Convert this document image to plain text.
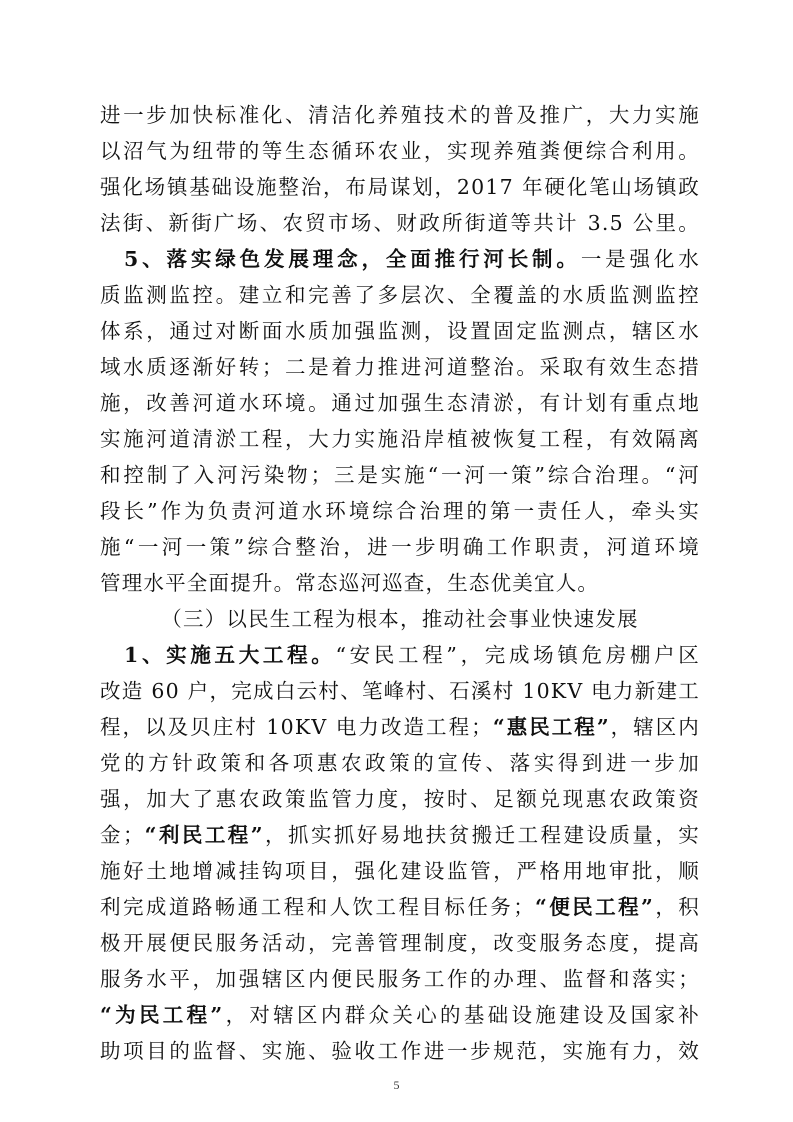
进一步加快标准化、清洁化养殖技术的普及推广，大力实施
以沼气为纽带的等生态循环农业，实现养殖粪便综合利用。
强化场镇基础设施整治，布局谋划，2017 年硬化笔山场镇政
法街、新街广场、农贸市场、财政所街道等共计 3.5 公里。
5、落实绿色发展理念，全面推行河长制。一是强化水
质监测监控。建立和完善了多层次、全覆盖的水质监测监控
体系，通过对断面水质加强监测，设置固定监测点，辖区水
域水质逐渐好转；二是着力推进河道整治。采取有效生态措
施，改善河道水环境。通过加强生态清淤，有计划有重点地
实施河道清淤工程，大力实施沿岸植被恢复工程，有效隔离
和控制了入河污染物；三是实施“一河一策”综合治理。“河
段长”作为负责河道水环境综合治理的第一责任人，牵头实
施“一河一策”综合整治，进一步明确工作职责，河道环境
管理水平全面提升。常态巡河巡查，生态优美宜人。
（三）以民生工程为根本，推动社会事业快速发展
1、实施五大工程。“安民工程”，完成场镇危房棚户区
改造 60 户，完成白云村、笔峰村、石溪村 10KV 电力新建工
程，以及贝庄村 10KV 电力改造工程；“惠民工程”，辖区内
党的方针政策和各项惠农政策的宣传、落实得到进一步加
强，加大了惠农政策监管力度，按时、足额兑现惠农政策资
金；“利民工程”，抓实抓好易地扶贫搬迁工程建设质量，实
施好土地增减挂钩项目，强化建设监管，严格用地审批，顺
利完成道路畅通工程和人饮工程目标任务；“便民工程”，积
极开展便民服务活动，完善管理制度，改变服务态度，提高
服务水平，加强辖区内便民服务工作的办理、监督和落实；
“为民工程”，对辖区内群众关心的基础设施建设及国家补
助项目的监督、实施、验收工作进一步规范，实施有力，效
5
